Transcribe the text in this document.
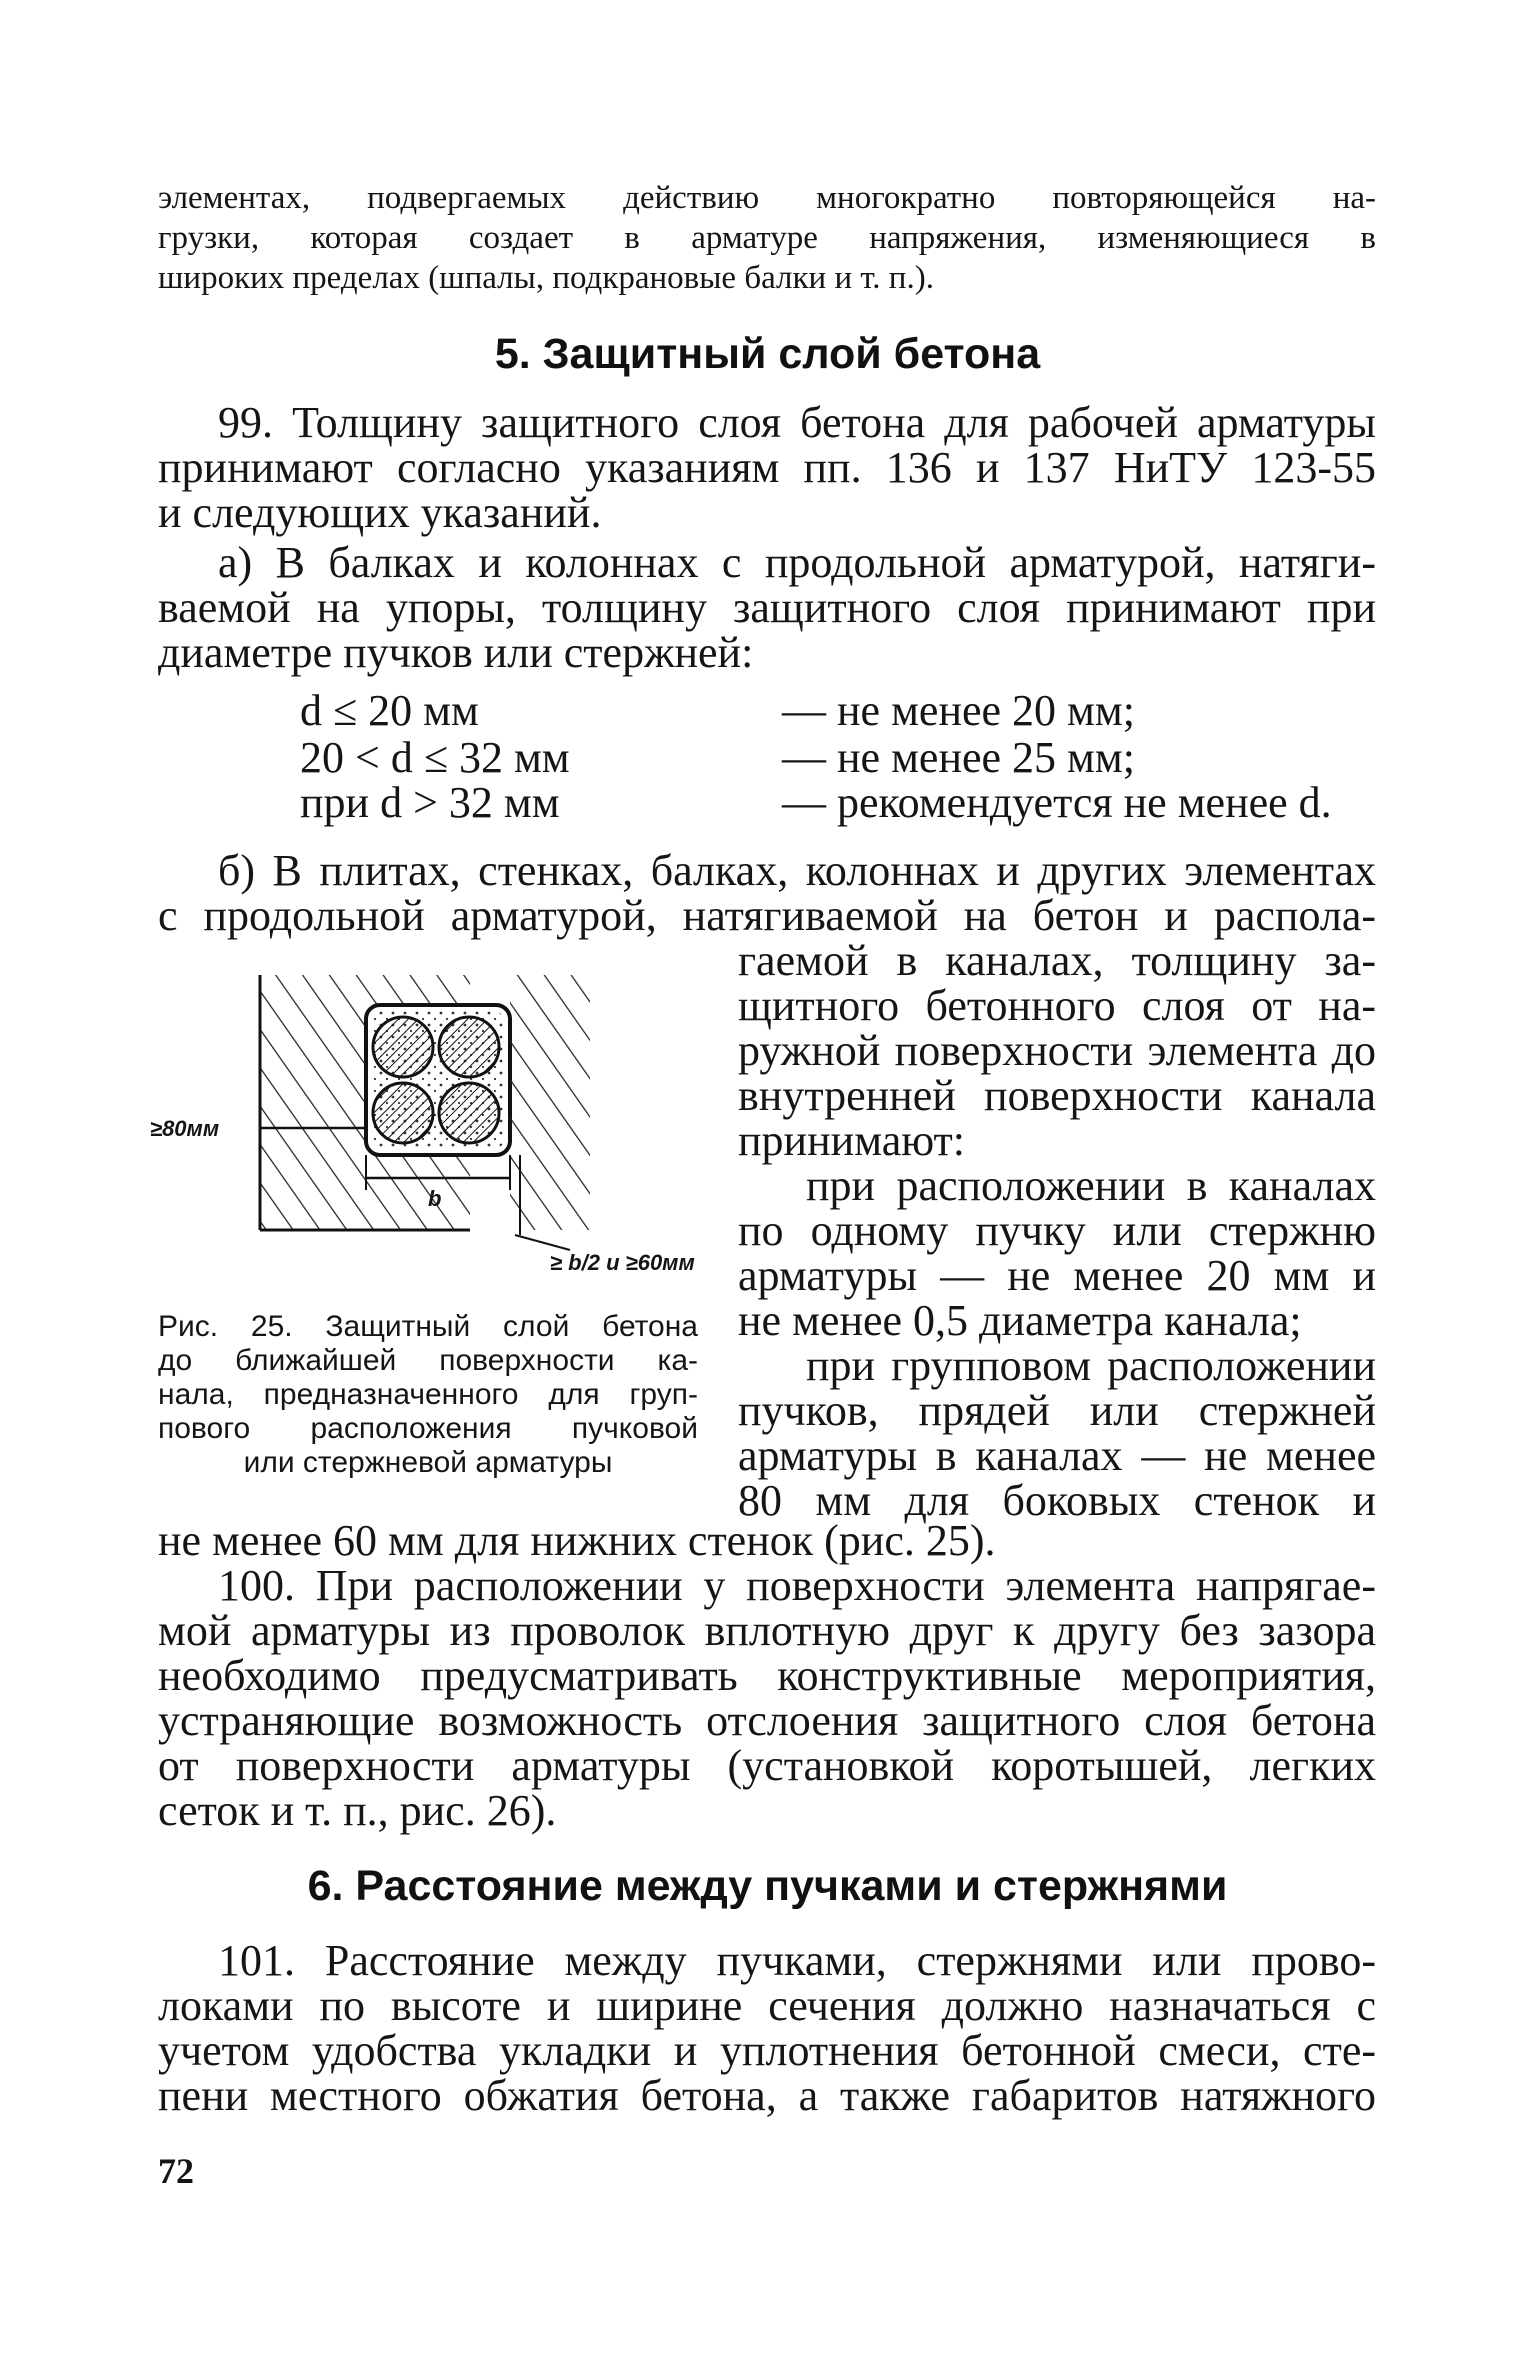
элементах, подвергаемых действию многократно повторяющейся на-
грузки, которая создает в арматуре напряжения, изменяющиеся в
широких пределах (шпалы, подкрановые балки и т. п.).
5. Защитный слой бетона
99. Толщину защитного слоя бетона для рабочей арматуры
принимают согласно указаниям пп. 136 и 137 НиТУ 123-55
и следующих указаний.
а) В балках и колоннах с продольной арматурой, натяги-
ваемой на упоры, толщину защитного слоя принимают при
диаметре пучков или стержней:
d ≤ 20 мм	— не менее 20 мм;
20 < d ≤ 32 мм	— не менее 25 мм;
при d > 32 мм	— рекомендуется не менее d.
б) В плитах, стенках, балках, колоннах и других элементах
с продольной арматурой, натягиваемой на бетон и распола-
гаемой в каналах, толщину за-
щитного бетонного слоя от на-
ружной поверхности элемента до
внутренней поверхности канала
принимают:
при расположении в каналах
по одному пучку или стержню
арматуры — не менее 20 мм и
не менее 0,5 диаметра канала;
при групповом расположении
пучков, прядей или стержней
арматуры в каналах — не менее
80 мм для боковых стенок и
≥80мм
b
≥ b/2 и ≥60мм
Рис. 25. Защитный слой бетона
до ближайшей поверхности ка-
нала, предназначенного для груп-
пового расположения пучковой
или стержневой арматуры
не менее 60 мм для нижних стенок (рис. 25).
100. При расположении у поверхности элемента напрягае-
мой арматуры из проволок вплотную друг к другу без зазора
необходимо предусматривать конструктивные мероприятия,
устраняющие возможность отслоения защитного слоя бетона
от поверхности арматуры (установкой коротышей, легких
сеток и т. п., рис. 26).
6. Расстояние между пучками и стержнями
101. Расстояние между пучками, стержнями или прово-
локами по высоте и ширине сечения должно назначаться с
учетом удобства укладки и уплотнения бетонной смеси, сте-
пени местного обжатия бетона, а также габаритов натяжного
72
